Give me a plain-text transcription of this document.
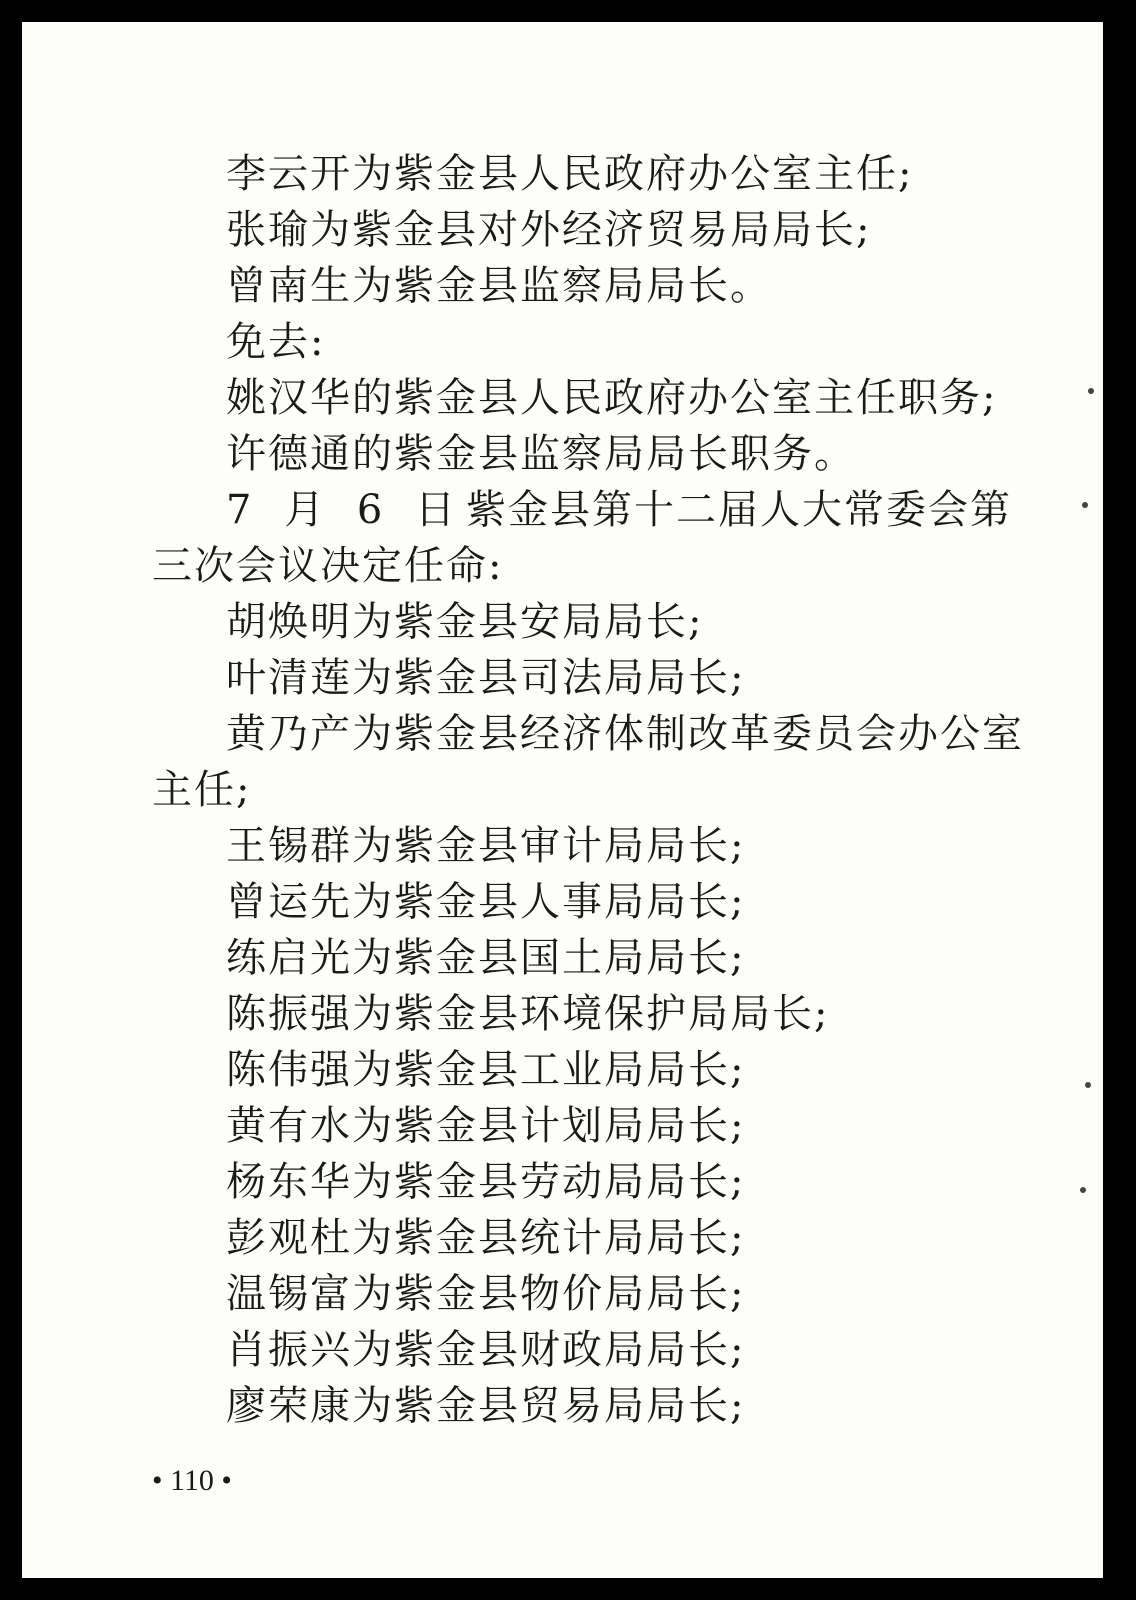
李云开为紫金县人民政府办公室主任;
张瑜为紫金县对外经济贸易局局长;
曾南生为紫金县监察局局长。
免去:
姚汉华的紫金县人民政府办公室主任职务;
许德通的紫金县监察局局长职务。
7 月 6 日紫金县第十二届人大常委会第
三次会议决定任命:
胡焕明为紫金县安局局长;
叶清莲为紫金县司法局局长;
黄乃产为紫金县经济体制改革委员会办公室
主任;
王锡群为紫金县审计局局长;
曾运先为紫金县人事局局长;
练启光为紫金县国土局局长;
陈振强为紫金县环境保护局局长;
陈伟强为紫金县工业局局长;
黄有水为紫金县计划局局长;
杨东华为紫金县劳动局局长;
彭观杜为紫金县统计局局长;
温锡富为紫金县物价局局长;
肖振兴为紫金县财政局局长;
廖荣康为紫金县贸易局局长;
• 110 •
